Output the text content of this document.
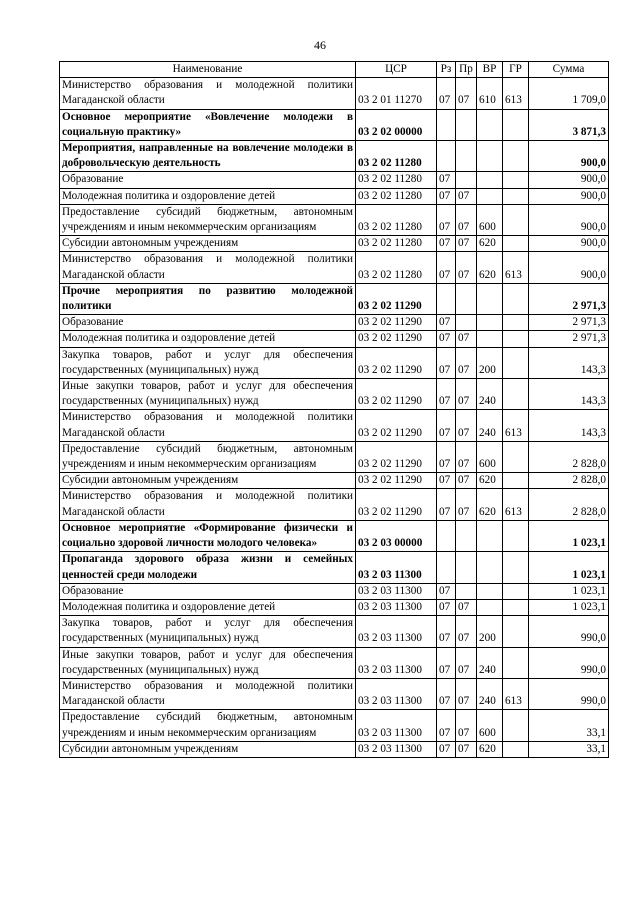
46
Наименование	ЦСР	Рз	Пр	ВР	ГР	Сумма
Министерство образования и молодежной политики Магаданской области	03 2 01 11270	07	07	610	613	1 709,0
Основное мероприятие «Вовлечение молодежи в социальную практику»	03 2 02 00000					3 871,3
Мероприятия, направленные на вовлечение молодежи в добровольческую деятельность	03 2 02 11280					900,0
Образование	03 2 02 11280	07				900,0
Молодежная политика и оздоровление детей	03 2 02 11280	07	07			900,0
Предоставление субсидий бюджетным, автономным учреждениям и иным некоммерческим организациям	03 2 02 11280	07	07	600		900,0
Субсидии автономным учреждениям	03 2 02 11280	07	07	620		900,0
Министерство образования и молодежной политики Магаданской области	03 2 02 11280	07	07	620	613	900,0
Прочие мероприятия по развитию молодежной политики	03 2 02 11290					2 971,3
Образование	03 2 02 11290	07				2 971,3
Молодежная политика и оздоровление детей	03 2 02 11290	07	07			2 971,3
Закупка товаров, работ и услуг для обеспечения государственных (муниципальных) нужд	03 2 02 11290	07	07	200		143,3
Иные закупки товаров, работ и услуг для обеспечения государственных (муниципальных) нужд	03 2 02 11290	07	07	240		143,3
Министерство образования и молодежной политики Магаданской области	03 2 02 11290	07	07	240	613	143,3
Предоставление субсидий бюджетным, автономным учреждениям и иным некоммерческим организациям	03 2 02 11290	07	07	600		2 828,0
Субсидии автономным учреждениям	03 2 02 11290	07	07	620		2 828,0
Министерство образования и молодежной политики Магаданской области	03 2 02 11290	07	07	620	613	2 828,0
Основное мероприятие «Формирование физически и социально здоровой личности молодого человека»	03 2 03 00000					1 023,1
Пропаганда здорового образа жизни и семейных ценностей среди молодежи	03 2 03 11300					1 023,1
Образование	03 2 03 11300	07				1 023,1
Молодежная политика и оздоровление детей	03 2 03 11300	07	07			1 023,1
Закупка товаров, работ и услуг для обеспечения государственных (муниципальных) нужд	03 2 03 11300	07	07	200		990,0
Иные закупки товаров, работ и услуг для обеспечения государственных (муниципальных) нужд	03 2 03 11300	07	07	240		990,0
Министерство образования и молодежной политики Магаданской области	03 2 03 11300	07	07	240	613	990,0
Предоставление субсидий бюджетным, автономным учреждениям и иным некоммерческим организациям	03 2 03 11300	07	07	600		33,1
Субсидии автономным учреждениям	03 2 03 11300	07	07	620		33,1
